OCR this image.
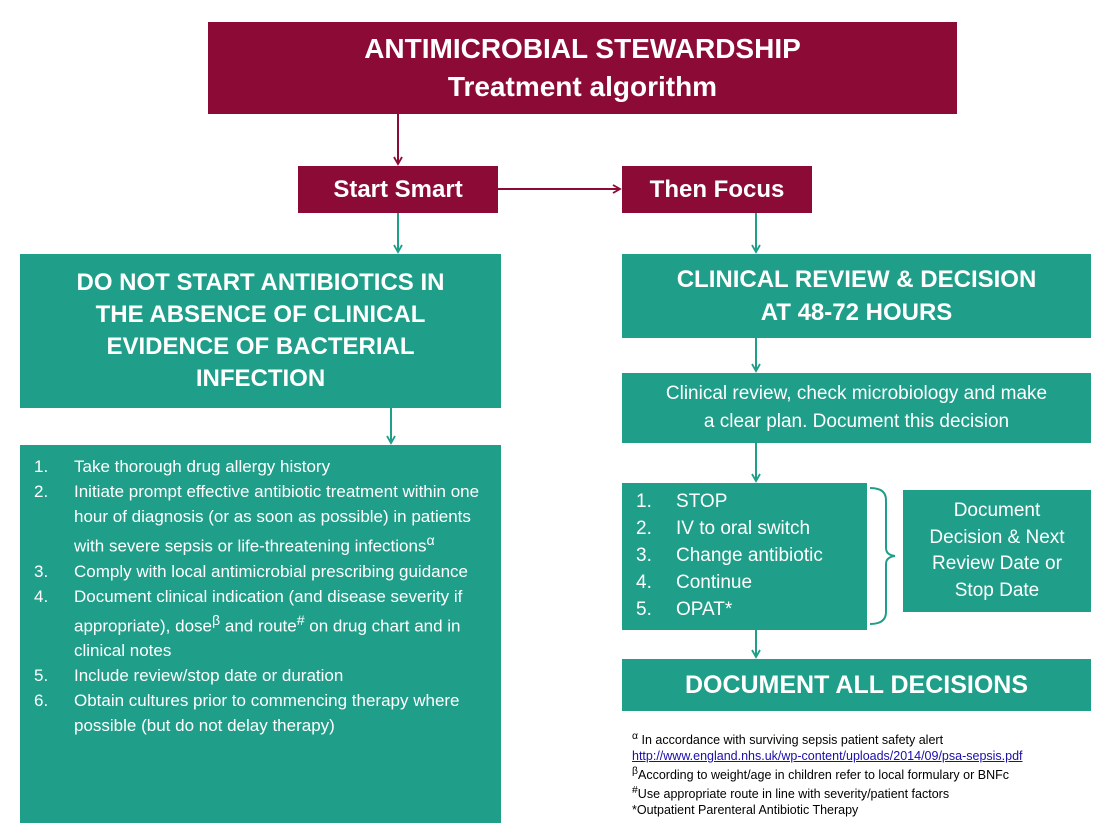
ANTIMICROBIAL STEWARDSHIP
Treatment algorithm
Start Smart	Then Focus
DO NOT START ANTIBIOTICS IN
THE ABSENCE OF CLINICAL
EVIDENCE OF BACTERIAL
INFECTION
1.	Take thorough drug allergy history
2.	Initiate prompt effective antibiotic treatment within one hour of diagnosis (or as soon as possible) in patients with severe sepsis or life-threatening infections$^\alpha$
3.	Comply with local antimicrobial prescribing guidance
4.	Document clinical indication (and disease severity if appropriate), dose$^\beta$ and route# on drug chart and in clinical notes
5.	Include review/stop date or duration
6.	Obtain cultures prior to commencing therapy where possible (but do not delay therapy)
CLINICAL REVIEW & DECISION
AT 48-72 HOURS
Clinical review, check microbiology and make
a clear plan. Document this decision
1.	STOP
2.	IV to oral switch
3.	Change antibiotic
4.	Continue
5.	OPAT*
Document
Decision & Next
Review Date or
Stop Date
DOCUMENT ALL DECISIONS
$^\alpha$ In accordance with surviving sepsis patient safety alert
http://www.england.nhs.uk/wp-content/uploads/2014/09/psa-sepsis.pdf
$^\beta$According to weight/age in children refer to local formulary or BNFc
#Use appropriate route in line with severity/patient factors
*Outpatient Parenteral Antibiotic Therapy
